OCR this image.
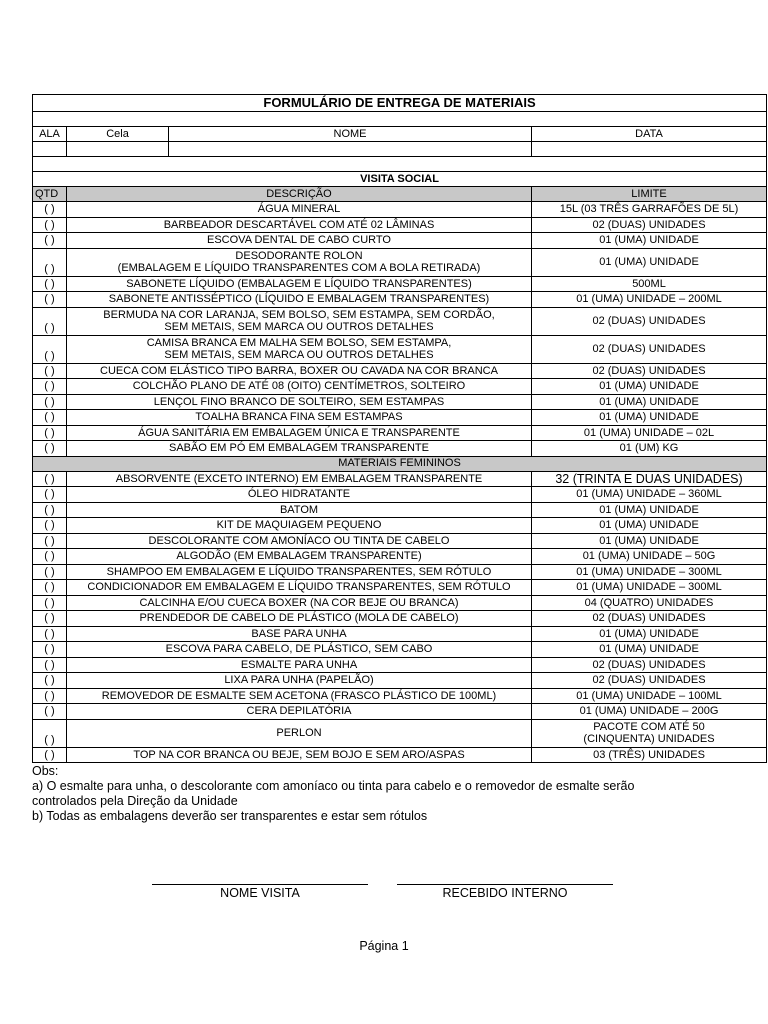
FORMULÁRIO DE ENTREGA DE MATERIAIS			

ALA	Cela	NOME	DATA

VISITA SOCIAL			
QTD	DESCRIÇÃO		LIMITE
( )	ÁGUA MINERAL		15L (03 TRÊS GARRAFÕES DE 5L)

( )	BARBEADOR DESCARTÁVEL COM ATÉ 02 LÂMINAS		02 (DUAS) UNIDADES

( )	ESCOVA DENTAL DE CABO CURTO		01 (UMA) UNIDADE

( )	DESODORANTE ROLON
(EMBALAGEM E LÍQUIDO TRANSPARENTES COM A BOLA RETIRADA)		01 (UMA) UNIDADE

( )	SABONETE LÍQUIDO (EMBALAGEM E LÍQUIDO TRANSPARENTES)		500ML

( )	SABONETE ANTISSÉPTICO (LÍQUIDO E EMBALAGEM TRANSPARENTES)		01 (UMA) UNIDADE – 200ML

( )	BERMUDA NA COR LARANJA, SEM BOLSO, SEM ESTAMPA, SEM CORDÃO,
SEM METAIS, SEM MARCA OU OUTROS DETALHES		02 (DUAS) UNIDADES

( )	CAMISA BRANCA EM MALHA SEM BOLSO, SEM ESTAMPA,
SEM METAIS, SEM MARCA OU OUTROS DETALHES		02 (DUAS) UNIDADES

( )	CUECA COM ELÁSTICO TIPO BARRA, BOXER OU CAVADA NA COR BRANCA		02 (DUAS) UNIDADES

( )	COLCHÃO PLANO DE ATÉ 08 (OITO) CENTÍMETROS, SOLTEIRO		01 (UMA) UNIDADE

( )	LENÇOL FINO BRANCO DE SOLTEIRO, SEM ESTAMPAS		01 (UMA) UNIDADE

( )	TOALHA BRANCA FINA SEM ESTAMPAS		01 (UMA) UNIDADE

( )	ÁGUA SANITÁRIA EM EMBALAGEM ÚNICA E TRANSPARENTE		01 (UMA) UNIDADE – 02L

( )	SABÃO EM PÓ EM EMBALAGEM TRANSPARENTE		01 (UM) KG

MATERIAIS FEMININOS			
( )	ABSORVENTE (EXCETO INTERNO) EM EMBALAGEM TRANSPARENTE		32 (TRINTA E DUAS UNIDADES)

( )	ÓLEO HIDRATANTE		01 (UMA) UNIDADE – 360ML

( )	BATOM		01 (UMA) UNIDADE

( )	KIT DE MAQUIAGEM PEQUENO		01 (UMA) UNIDADE

( )	DESCOLORANTE COM AMONÍACO OU TINTA DE CABELO		01 (UMA) UNIDADE

( )	ALGODÃO (EM EMBALAGEM TRANSPARENTE)		01 (UMA) UNIDADE – 50G

( )	SHAMPOO EM EMBALAGEM E LÍQUIDO TRANSPARENTES, SEM RÓTULO		01 (UMA) UNIDADE – 300ML

( )	CONDICIONADOR EM EMBALAGEM E LÍQUIDO TRANSPARENTES, SEM RÓTULO		01 (UMA) UNIDADE – 300ML

( )	CALCINHA E/OU CUECA BOXER (NA COR BEJE OU BRANCA)		04 (QUATRO) UNIDADES

( )	PRENDEDOR DE CABELO DE PLÁSTICO (MOLA DE CABELO)		02 (DUAS) UNIDADES

( )	BASE PARA UNHA		01 (UMA) UNIDADE

( )	ESCOVA PARA CABELO, DE PLÁSTICO, SEM CABO		01 (UMA) UNIDADE

( )	ESMALTE PARA UNHA		02 (DUAS) UNIDADES

( )	LIXA PARA UNHA (PAPELÃO)		02 (DUAS) UNIDADES

( )	REMOVEDOR DE ESMALTE SEM ACETONA (FRASCO PLÁSTICO DE 100ML)		01 (UMA) UNIDADE – 100ML

( )	CERA DEPILATÓRIA		01 (UMA) UNIDADE – 200G

( )	PERLON		PACOTE COM ATÉ 50
(CINQUENTA) UNIDADES

( )	TOP NA COR BRANCA OU BEJE, SEM BOJO E SEM ARO/ASPAS		03 (TRÊS) UNIDADES
Obs:
a) O esmalte para unha, o descolorante com amoníaco ou tinta para cabelo e o removedor de esmalte serão
controlados pela Direção da Unidade
b) Todas as embalagens deverão ser transparentes e estar sem rótulos
NOME VISITA	RECEBIDO INTERNO
Página 1
